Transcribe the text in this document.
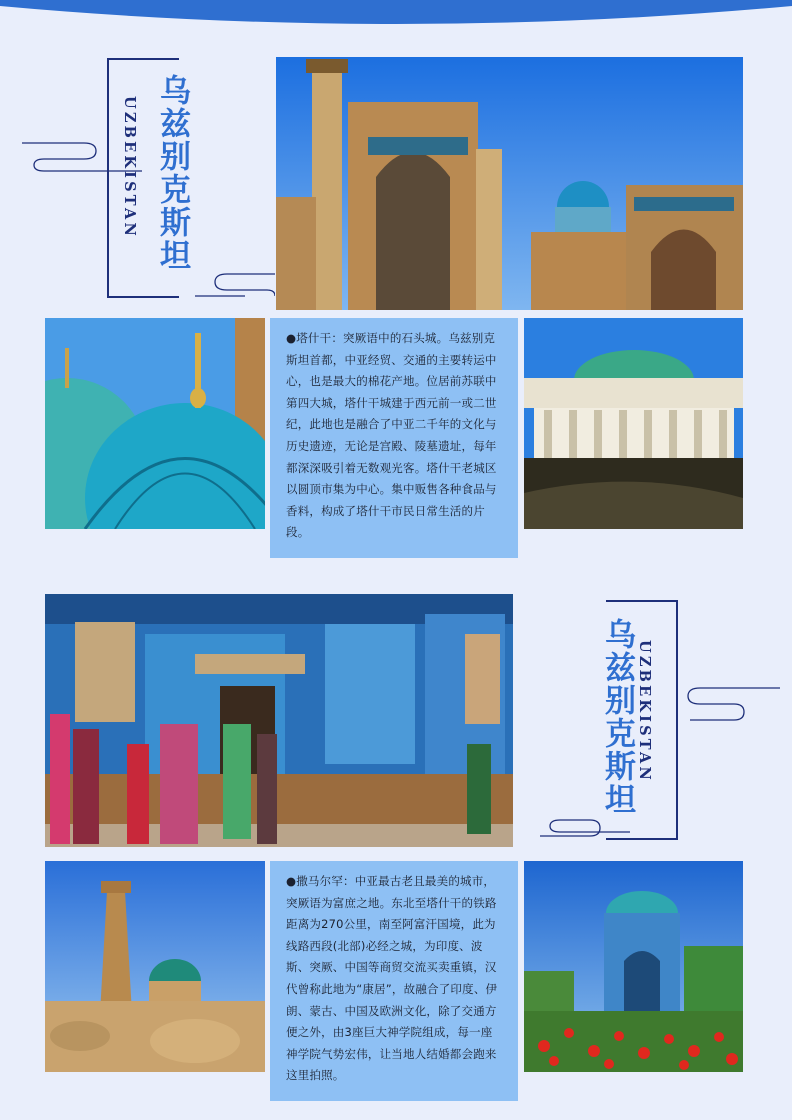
UZBEKISTAN 乌兹别克斯坦
●塔什干：突厥语中的石头城。乌兹别克斯坦首都，中亚经贸、交通的主要转运中心，也是最大的棉花产地。位居前苏联中第四大城，塔什干城建于西元前一或二世纪，此地也是融合了中亚二千年的文化与历史遗迹，无论是宫殿、陵墓遗址，每年都深深吸引着无数观光客。塔什干老城区以圆顶市集为中心。集中贩售各种食品与香料，构成了塔什干市民日常生活的片段。
乌兹别克斯坦 UZBEKISTAN
●撒马尔罕：中亚最古老且最美的城市，突厥语为富庶之地。东北至塔什干的铁路距离为270公里，南至阿富汗国境，此为线路西段(北部)必经之城，为印度、波斯、突厥、中国等商贸交流买卖重镇，汉代曾称此地为“康居”，故融合了印度、伊朗、蒙古、中国及欧洲文化，除了交通方便之外，由3座巨大神学院组成，每一座神学院气势宏伟，让当地人结婚都会跑来这里拍照。
